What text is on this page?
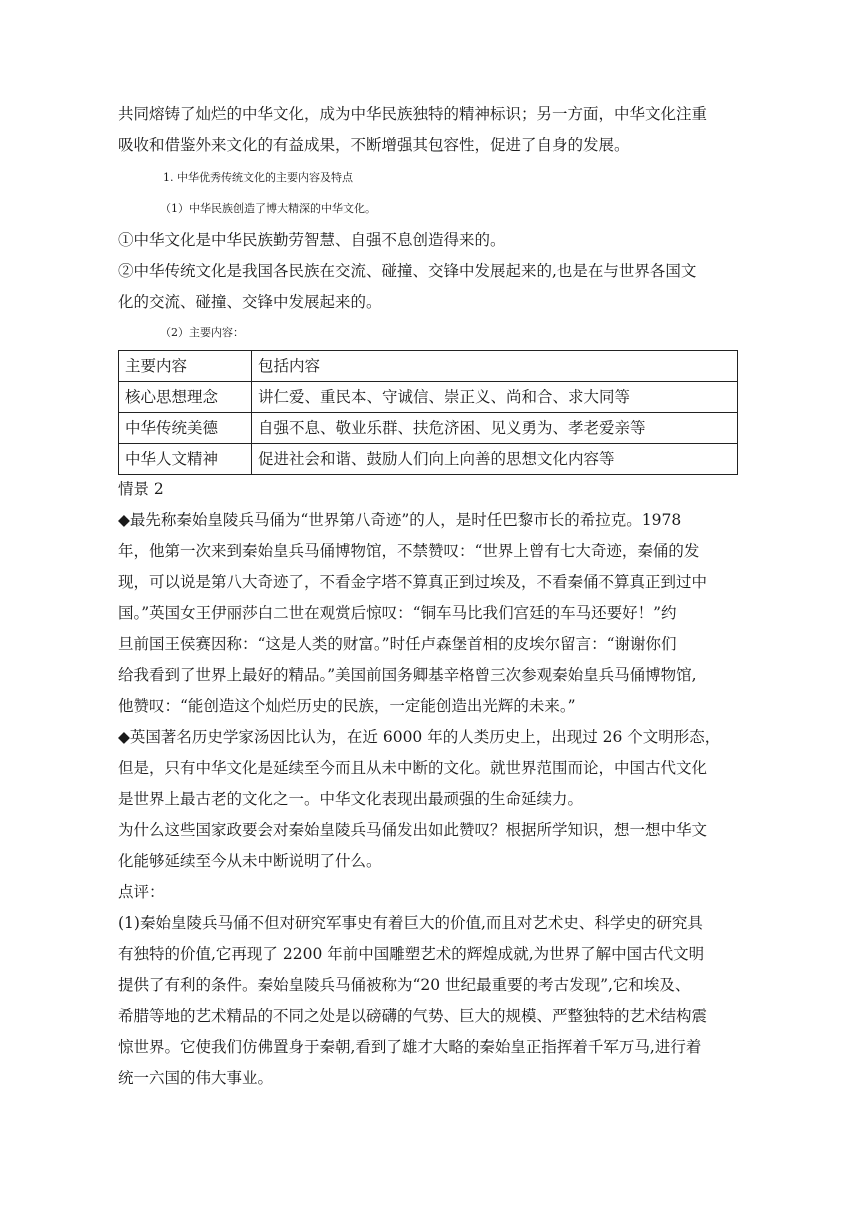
共同熔铸了灿烂的中华文化，成为中华民族独特的精神标识；另一方面，中华文化注重
吸收和借鉴外来文化的有益成果，不断增强其包容性，促进了自身的发展。
1. 中华优秀传统文化的主要内容及特点
（1）中华民族创造了博大精深的中华文化。
①中华文化是中华民族勤劳智慧、自强不息创造得来的。
②中华传统文化是我国各民族在交流、碰撞、交锋中发展起来的,也是在与世界各国文
化的交流、碰撞、交锋中发展起来的。
（2）主要内容：
主要内容	包括内容
核心思想理念	讲仁爱、重民本、守诚信、崇正义、尚和合、求大同等
中华传统美德	自强不息、敬业乐群、扶危济困、见义勇为、孝老爱亲等
中华人文精神	促进社会和谐、鼓励人们向上向善的思想文化内容等
情景 2
◆最先称秦始皇陵兵马俑为“世界第八奇迹”的人，是时任巴黎市长的希拉克。1978
年，他第一次来到秦始皇兵马俑博物馆，不禁赞叹：“世界上曾有七大奇迹，秦俑的发
现，可以说是第八大奇迹了，不看金字塔不算真正到过埃及，不看秦俑不算真正到过中
国。”英国女王伊丽莎白二世在观赏后惊叹：“铜车马比我们宫廷的车马还要好！”约
旦前国王侯赛因称：“这是人类的财富。”时任卢森堡首相的皮埃尔留言：“谢谢你们
给我看到了世界上最好的精品。”美国前国务卿基辛格曾三次参观秦始皇兵马俑博物馆,
他赞叹：“能创造这个灿烂历史的民族，一定能创造出光辉的未来。”
◆英国著名历史学家汤因比认为，在近 6000 年的人类历史上，出现过 26 个文明形态，
但是，只有中华文化是延续至今而且从未中断的文化。就世界范围而论，中国古代文化
是世界上最古老的文化之一。中华文化表现出最顽强的生命延续力。
为什么这些国家政要会对秦始皇陵兵马俑发出如此赞叹？根据所学知识，想一想中华文
化能够延续至今从未中断说明了什么。
点评：
(1)秦始皇陵兵马俑不但对研究军事史有着巨大的价值,而且对艺术史、科学史的研究具
有独特的价值,它再现了 2200 年前中国雕塑艺术的辉煌成就,为世界了解中国古代文明
提供了有利的条件。秦始皇陵兵马俑被称为“20 世纪最重要的考古发现”,它和埃及、
希腊等地的艺术精品的不同之处是以磅礴的气势、巨大的规模、严整独特的艺术结构震
惊世界。它使我们仿佛置身于秦朝,看到了雄才大略的秦始皇正指挥着千军万马,进行着
统一六国的伟大事业。
